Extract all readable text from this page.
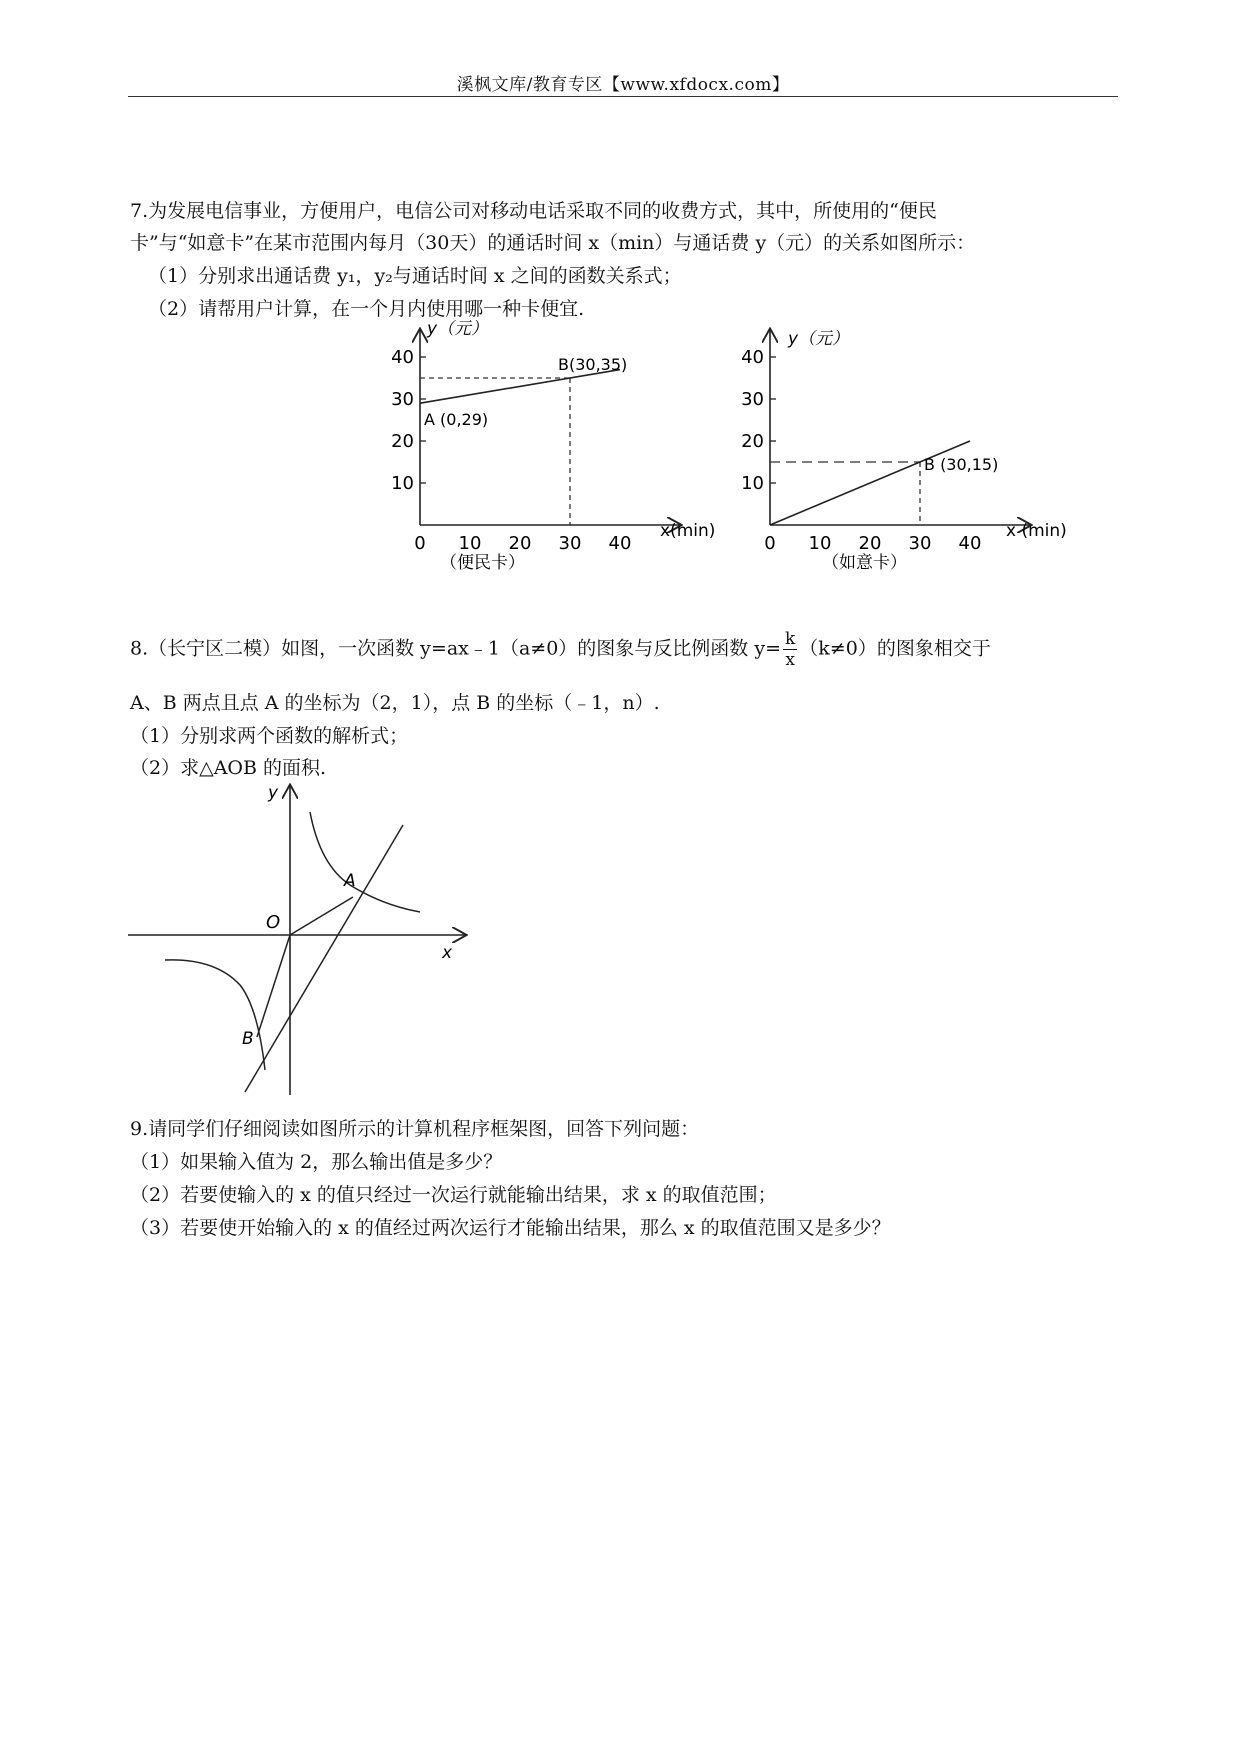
溪枫文库/教育专区【www.xfdocx.com】
7.为发展电信事业，方便用户，电信公司对移动电话采取不同的收费方式，其中，所使用的“便民
卡”与“如意卡”在某市范围内每月（30天）的通话时间 x（min）与通话费 y（元）的关系如图所示：
（1）分别求出通话费 y₁，y₂与通话时间 x 之间的函数关系式；
（2）请帮用户计算，在一个月内使用哪一种卡便宜.
10
20
30
40
0 10 20 30 40
y（元）
x(min)
A (0,29)
B(30,35)
（便民卡）
10
20
30
40
0 10 20 30 40
y（元）
x (min)
B (30,15)
（如意卡）
8.（长宁区二模）如图，一次函数 y=ax﹣1（a≠0）的图象与反比例函数 $y= \frac{k}{x} (k\ne 0)$的图象相交于
A、B 两点且点 A 的坐标为（2，1），点 B 的坐标（﹣1，n）.
（1）分别求两个函数的解析式；
（2）求△AOB 的面积.
y
x
O
A
B
9.请同学们仔细阅读如图所示的计算机程序框架图，回答下列问题：
（1）如果输入值为 2，那么输出值是多少？
（2）若要使输入的 x 的值只经过一次运行就能输出结果，求 x 的取值范围；
（3）若要使开始输入的 x 的值经过两次运行才能输出结果，那么 x 的取值范围又是多少？
